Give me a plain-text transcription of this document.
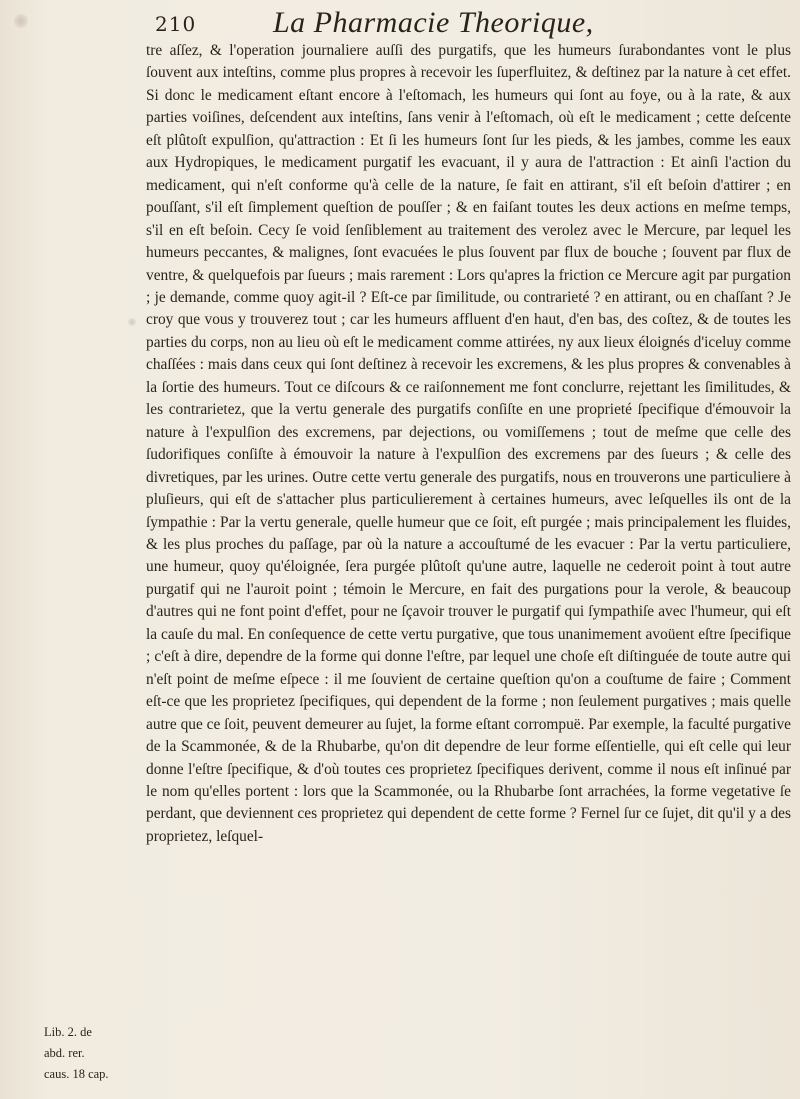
210	La Pharmacie Theorique,

tre aſſez, & l'operation journaliere auſſi des purgatifs, que les humeurs ſurabondantes vont le plus ſouvent aux inteſtins, comme plus propres à recevoir les ſuperfluitez, & deſtinez par la nature à cet effet. Si donc le medicament eſtant encore à l'eſtomach, les humeurs qui ſont au foye, ou à la rate, & aux parties voiſines, deſcendent aux inteſtins, ſans venir à l'eſtomach, où eſt le medicament ; cette deſcente eſt plûtoſt expulſion, qu'attraction : Et ſi les humeurs ſont ſur les pieds, & les jambes, comme les eaux aux Hydropiques, le medicament purgatif les evacuant, il y aura de l'attraction : Et ainſi l'action du medicament, qui n'eſt conforme qu'à celle de la nature, ſe fait en attirant, s'il eſt beſoin d'attirer ; en pouſſant, s'il eſt ſimplement queſtion de pouſſer ; & en faiſant toutes les deux actions en meſme temps, s'il en eſt beſoin. Cecy ſe void ſenſiblement au traitement des verolez avec le Mercure, par lequel les humeurs peccantes, & malignes, ſont evacuées le plus ſouvent par flux de bouche ; ſouvent par flux de ventre, & quelquefois par ſueurs ; mais rarement : Lors qu'apres la friction ce Mercure agit par purgation ; je demande, comme quoy agit-il ? Eſt-ce par ſimilitude, ou contrarieté ? en attirant, ou en chaſſant ? Je croy que vous y trouverez tout ; car les humeurs affluent d'en haut, d'en bas, des coſtez, & de toutes les parties du corps, non au lieu où eſt le medicament comme attirées, ny aux lieux éloignés d'iceluy comme chaſſées : mais dans ceux qui ſont deſtinez à recevoir les excremens, & les plus propres & convenables à la ſortie des humeurs. Tout ce diſcours & ce raiſonnement me font conclurre, rejettant les ſimilitudes, & les contrarietez, que la vertu generale des purgatifs conſiſte en une proprieté ſpecifique d'émouvoir la nature à l'expulſion des excremens, par dejections, ou vomiſſemens ; tout de meſme que celle des ſudorifiques conſiſte à émouvoir la nature à l'expulſion des excremens par des ſueurs ; & celle des divretiques, par les urines. Outre cette vertu generale des purgatifs, nous en trouverons une particuliere à pluſieurs, qui eſt de s'attacher plus particulierement à certaines humeurs, avec leſquelles ils ont de la ſympathie : Par la vertu generale, quelle humeur que ce ſoit, eſt purgée ; mais principalement les fluides, & les plus proches du paſſage, par où la nature a accouſtumé de les evacuer : Par la vertu particuliere, une humeur, quoy qu'éloignée, ſera purgée plûtoſt qu'une autre, laquelle ne cederoit point à tout autre purgatif qui ne l'auroit point ; témoin le Mercure, en fait des purgations pour la verole, & beaucoup d'autres qui ne font point d'effet, pour ne ſçavoir trouver le purgatif qui ſympathiſe avec l'humeur, qui eſt la cauſe du mal. En conſequence de cette vertu purgative, que tous unanimement avoüent eſtre ſpecifique ; c'eſt à dire, dependre de la forme qui donne l'eſtre, par lequel une choſe eſt diſtinguée de toute autre qui n'eſt point de meſme eſpece : il me ſouvient de certaine queſtion qu'on a couſtume de faire ; Comment eſt-ce que les proprietez ſpecifiques, qui dependent de la forme ; non ſeulement purgatives ; mais quelle autre que ce ſoit, peuvent demeurer au ſujet, la forme eſtant corrompuë. Par exemple, la faculté purgative de la Scammonée, & de la Rhubarbe, qu'on dit dependre de leur forme eſſentielle, qui eſt celle qui leur donne l'eſtre ſpecifique, & d'où toutes ces proprietez ſpecifiques derivent, comme il nous eſt inſinué par le nom qu'elles portent : lors que la Scammonée, ou la Rhubarbe ſont arrachées, la forme vegetative ſe perdant, que deviennent ces proprietez qui dependent de cette forme ? Fernel ſur ce ſujet, dit qu'il y a des proprietez, leſquel-

Lib. 2. de
abd. rer.
caus. 18 cap.
